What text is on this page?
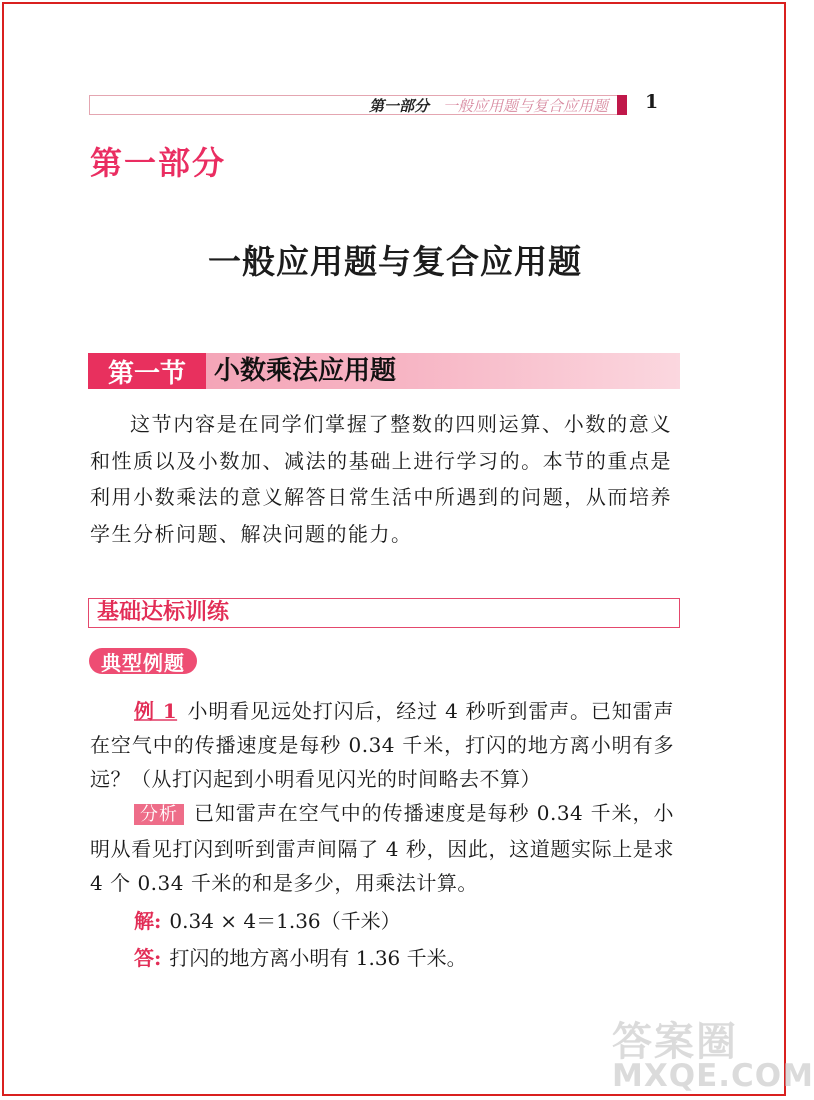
第一部分 一般应用题与复合应用题 1
第一部分
一般应用题与复合应用题
第一节	小数乘法应用题
这节内容是在同学们掌握了整数的四则运算、小数的意义和性质以及小数加、减法的基础上进行学习的。本节的重点是利用小数乘法的意义解答日常生活中所遇到的问题，从而培养学生分析问题、解决问题的能力。
基础达标训练
典型例题
例 1 小明看见远处打闪后，经过 4 秒听到雷声。已知雷声在空气中的传播速度是每秒 0.34 千米，打闪的地方离小明有多远？（从打闪起到小明看见闪光的时间略去不算）
分析 已知雷声在空气中的传播速度是每秒 0.34 千米，小明从看见打闪到听到雷声间隔了 4 秒，因此，这道题实际上是求 4 个 0.34 千米的和是多少，用乘法计算。
解: 0.34 × 4＝1.36（千米）
答: 打闪的地方离小明有 1.36 千米。
答案圈
MXQE.COM
